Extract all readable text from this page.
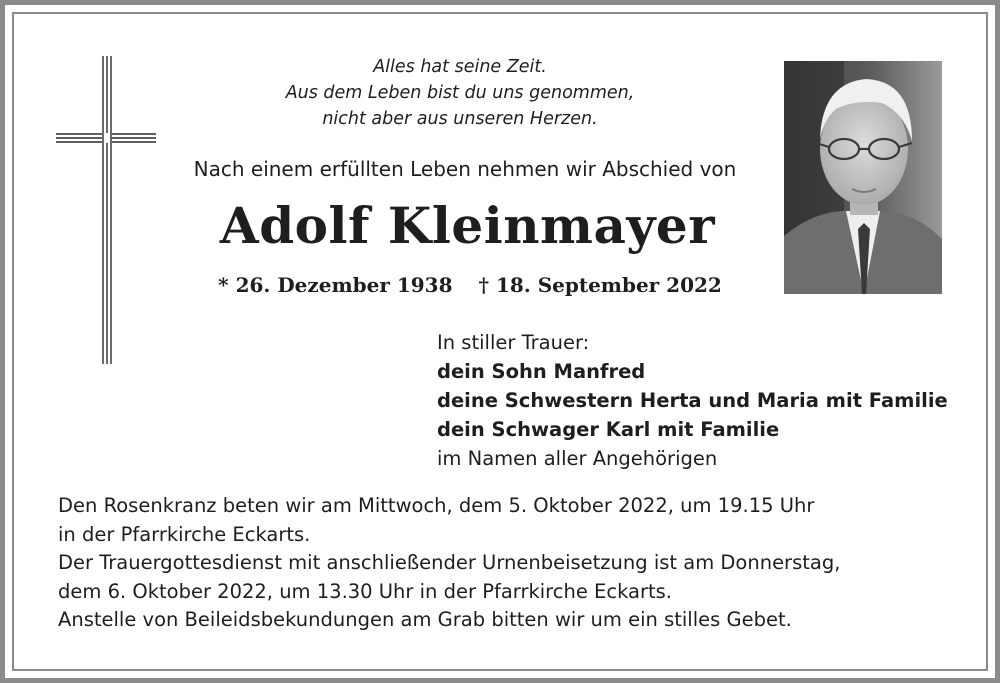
Alles hat seine Zeit.
Aus dem Leben bist du uns genommen,
nicht aber aus unseren Herzen.
Nach einem erfüllten Leben nehmen wir Abschied von
Adolf Kleinmayer
* 26. Dezember 1938 † 18. September 2022
In stiller Trauer:
dein Sohn Manfred
deine Schwestern Herta und Maria mit Familie
dein Schwager Karl mit Familie
im Namen aller Angehörigen
Den Rosenkranz beten wir am Mittwoch, dem 5. Oktober 2022, um 19.15 Uhr
in der Pfarrkirche Eckarts.
Der Trauergottesdienst mit anschließender Urnenbeisetzung ist am Donnerstag,
dem 6. Oktober 2022, um 13.30 Uhr in der Pfarrkirche Eckarts.
Anstelle von Beileidsbekundungen am Grab bitten wir um ein stilles Gebet.
